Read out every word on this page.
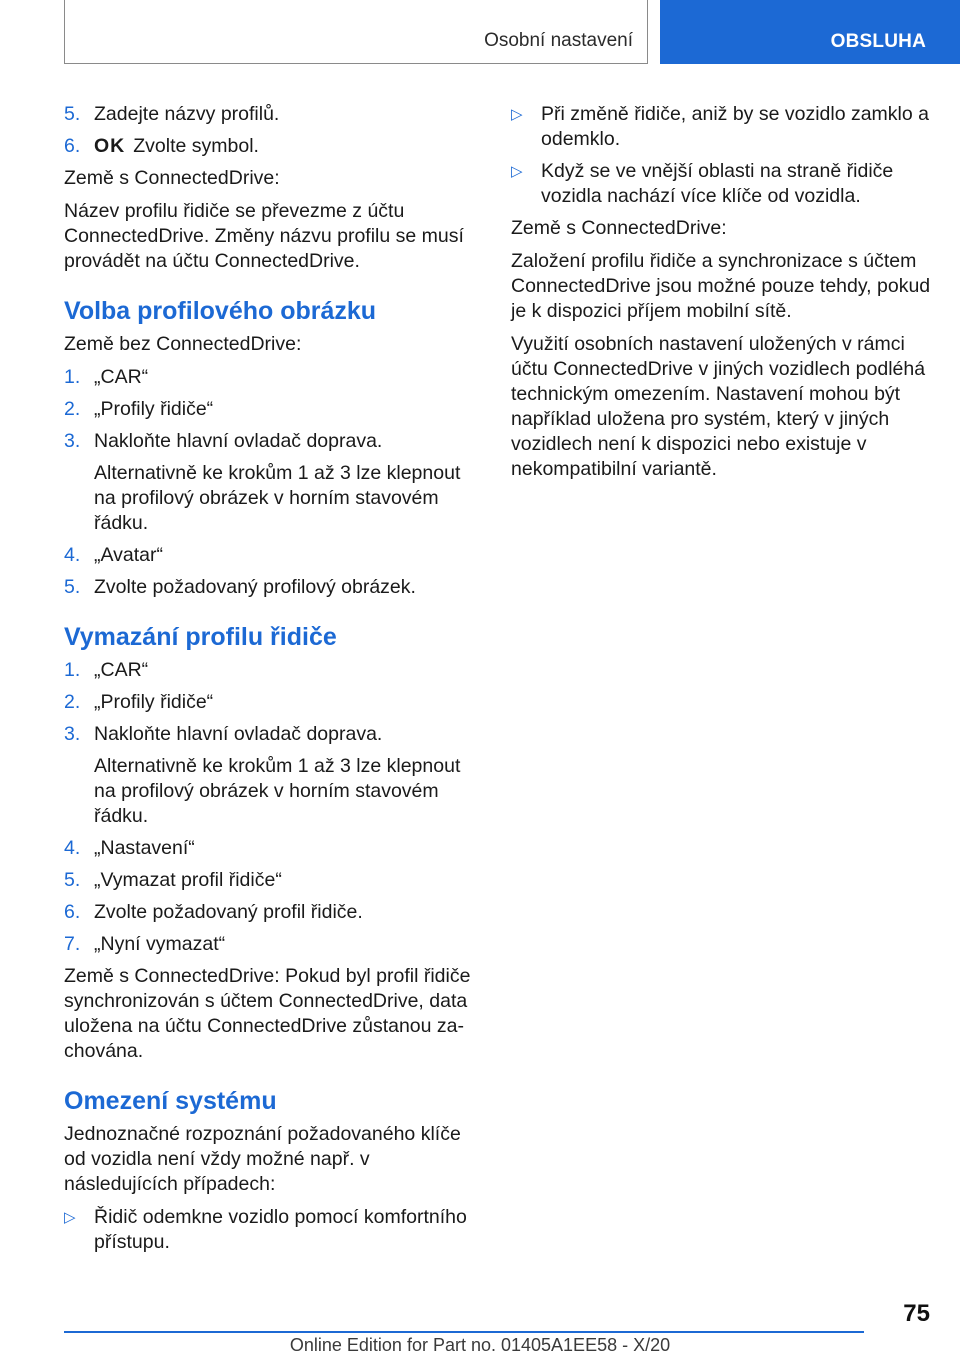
Osobní nastavení	OBSLUHA
5. Zadejte názvy profilů.
6. OK Zvolte symbol.

Země s ConnectedDrive:

Název profilu řidiče se převezme z účtu ConnectedDrive. Změny názvu profilu se musí provádět na účtu ConnectedDrive.

Volba profilového obrázku

Země bez ConnectedDrive:

1. „CAR“
2. „Profily řidiče“
3. Nakloňte hlavní ovladač doprava.
Alternativně ke krokům 1 až 3 lze klepnout na profilový obrázek v horním stavovém řádku.
4. „Avatar“
5. Zvolte požadovaný profilový obrázek.
Vymazání profilu řidiče
1. „CAR“
2. „Profily řidiče“
3. Nakloňte hlavní ovladač doprava.
Alternativně ke krokům 1 až 3 lze klepnout na profilový obrázek v horním stavovém řádku.
4. „Nastavení“
5. „Vymazat profil řidiče“
6. Zvolte požadovaný profil řidiče.
7. „Nyní vymazat“

Země s ConnectedDrive: Pokud byl profil řidiče synchronizován s účtem ConnectedDrive, data uložena na účtu ConnectedDrive zůstanou zachována.

Omezení systému

Jednoznačné rozpoznání požadovaného klíče od vozidla není vždy možné např. v následujících případech:

▷ Řidič odemkne vozidlo pomocí komfortního přístupu.
▷ Při změně řidiče, aniž by se vozidlo zamklo a odemklo.
▷ Když se ve vnější oblasti na straně řidiče vozidla nachází více klíče od vozidla.

Země s ConnectedDrive:

Založení profilu řidiče a synchronizace s účtem ConnectedDrive jsou možné pouze tehdy, pokud je k dispozici příjem mobilní sítě.

Využití osobních nastavení uložených v rámci účtu ConnectedDrive v jiných vozidlech podléhá technickým omezením. Nastavení mohou být například uložena pro systém, který v jiných vozidlech není k dispozici nebo existuje v nekompatibilní variantě.

75
Online Edition for Part no. 01405A1EE58 - X/20
